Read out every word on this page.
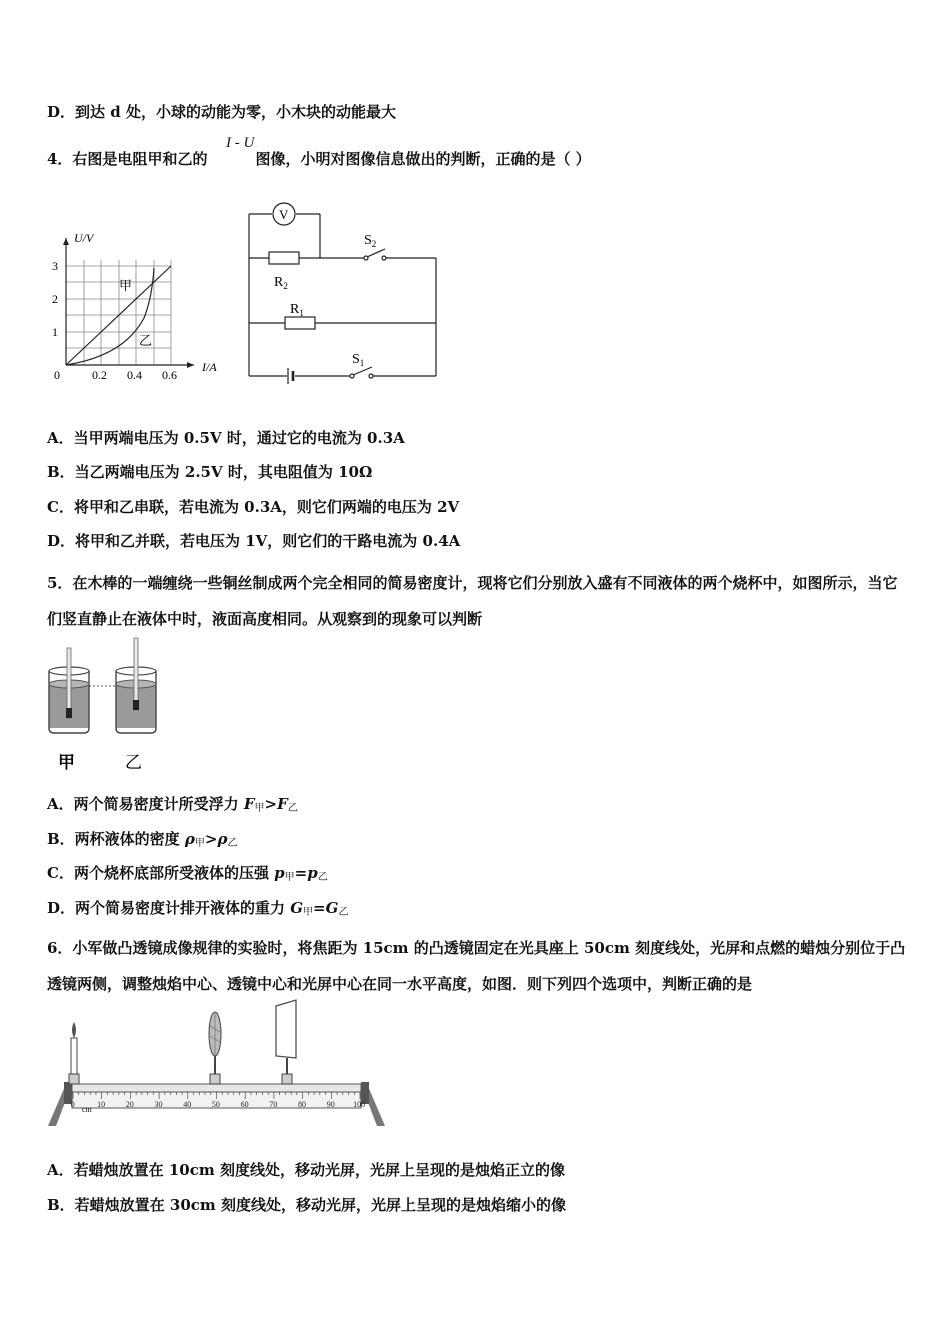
D．到达 d 处，小球的动能为零，小木块的动能最大
4．右图是电阻甲和乙的	图像，小明对图像信息做出的判断，正确的是（ ）
I - U
U/V
I/A
0
1
2
3
0.2 0.4 0.6
甲
乙
V
$R_2$
$R_1$
$S_2$
$S_1$
A．当甲两端电压为 0.5V 时，通过它的电流为 0.3A
B．当乙两端电压为 2.5V 时，其电阻值为 10Ω
C．将甲和乙串联，若电流为 0.3A，则它们两端的电压为 2V
D．将甲和乙并联，若电压为 1V，则它们的干路电流为 0.4A
5．在木棒的一端缠绕一些铜丝制成两个完全相同的简易密度计，现将它们分别放入盛有不同液体的两个烧杯中，如图所示，当它们竖直静止在液体中时，液面高度相同。从观察到的现象可以判断
甲	乙
A．两个简易密度计所受浮力 $F_甲>F_乙$
B．两杯液体的密度 $\rho_甲>\rho_乙$
C．两个烧杯底部所受液体的压强 $p_甲=p_乙$
D．两个简易密度计排开液体的重力 $G_甲=G_乙$
6．小军做凸透镜成像规律的实验时，将焦距为 15cm 的凸透镜固定在光具座上 50cm 刻度线处，光屏和点燃的蜡烛分别位于凸透镜两侧，调整烛焰中心、透镜中心和光屏中心在同一水平高度，如图．则下列四个选项中，判断正确的是
0	10	20	30	40	50	60	70	80	90 100
cm
A．若蜡烛放置在 10cm 刻度线处，移动光屏，光屏上呈现的是烛焰正立的像
B．若蜡烛放置在 30cm 刻度线处，移动光屏，光屏上呈现的是烛焰缩小的像
